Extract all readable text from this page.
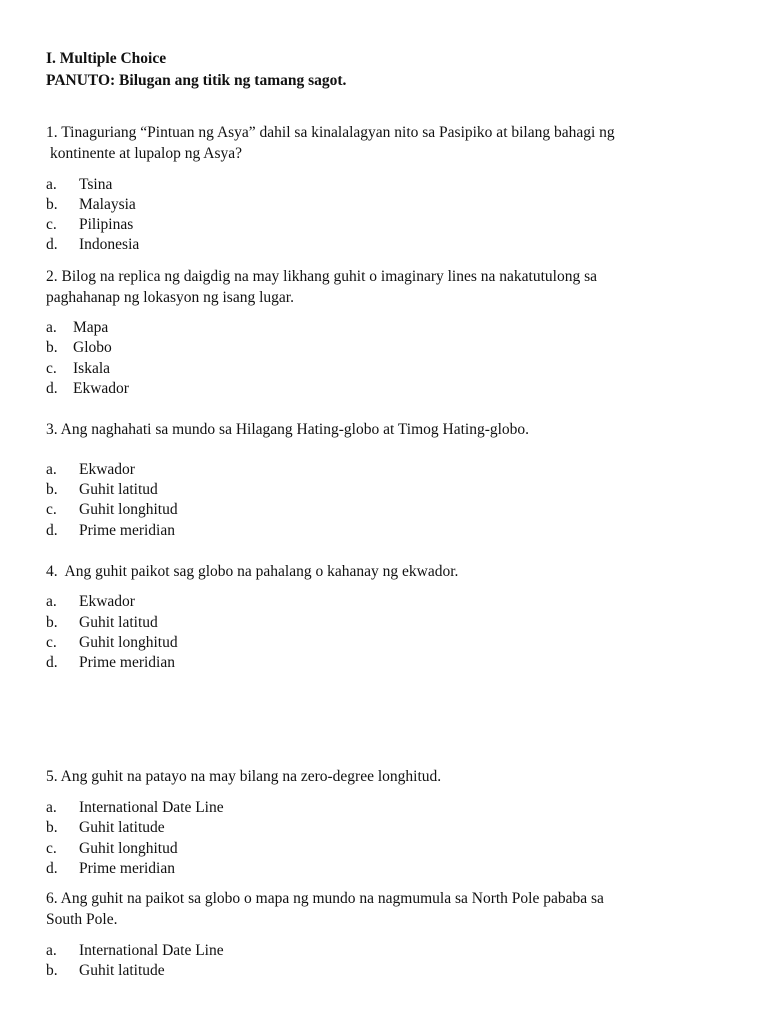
I. Multiple Choice
PANUTO: Bilugan ang titik ng tamang sagot.
1. Tinaguriang “Pintuan ng Asya” dahil sa kinalalagyan nito sa Pasipiko at bilang bahagi ng
kontinente at lupalop ng Asya?
a. Tsina
b. Malaysia
c. Pilipinas
d. Indonesia
2. Bilog na replica ng daigdig na may likhang guhit o imaginary lines na nakatutulong sa
paghahanap ng lokasyon ng isang lugar.
a. Mapa
b. Globo
c. Iskala
d. Ekwador
3. Ang naghahati sa mundo sa Hilagang Hating-globo at Timog Hating-globo.
a. Ekwador
b. Guhit latitud
c. Guhit longhitud
d. Prime meridian
4.  Ang guhit paikot sag globo na pahalang o kahanay ng ekwador.
a. Ekwador
b. Guhit latitud
c. Guhit longhitud
d. Prime meridian
5. Ang guhit na patayo na may bilang na zero-degree longhitud.
a. International Date Line
b. Guhit latitude
c. Guhit longhitud
d. Prime meridian
6. Ang guhit na paikot sa globo o mapa ng mundo na nagmumula sa North Pole pababa sa
South Pole.
a. International Date Line
b. Guhit latitude
